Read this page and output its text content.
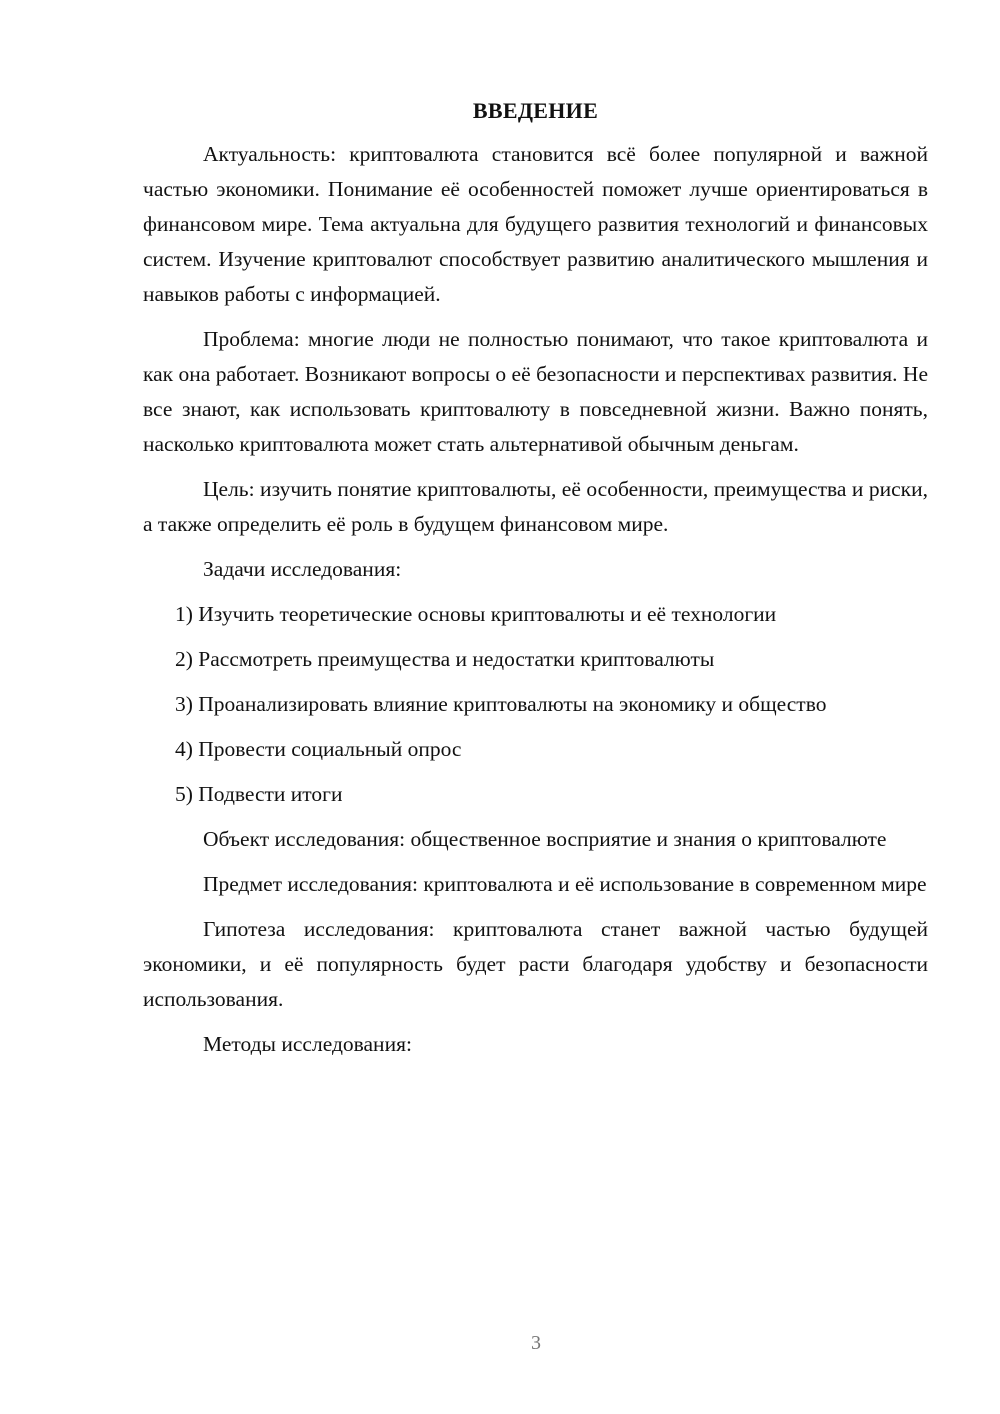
ВВЕДЕНИЕ

Актуальность: криптовалюта становится всё более популярной и важной частью экономики. Понимание её особенностей поможет лучше ориентироваться в финансовом мире. Тема актуальна для будущего развития технологий и финансовых систем. Изучение криптовалют способствует развитию аналитического мышления и навыков работы с информацией.

Проблема: многие люди не полностью понимают, что такое криптовалюта и как она работает. Возникают вопросы о её безопасности и перспективах развития. Не все знают, как использовать криптовалюту в повседневной жизни. Важно понять, насколько криптовалюта может стать альтернативой обычным деньгам.

Цель: изучить понятие криптовалюты, её особенности, преимущества и риски, а также определить её роль в будущем финансовом мире.

Задачи исследования:

1) Изучить теоретические основы криптовалюты и её технологии

2) Рассмотреть преимущества и недостатки криптовалюты

3) Проанализировать влияние криптовалюты на экономику и общество

4) Провести социальный опрос

5) Подвести итоги

Объект исследования: общественное восприятие и знания о криптовалюте

Предмет исследования: криптовалюта и её использование в современном мире

Гипотеза исследования: криптовалюта станет важной частью будущей экономики, и её популярность будет расти благодаря удобству и безопасности использования.

Методы исследования:

3
